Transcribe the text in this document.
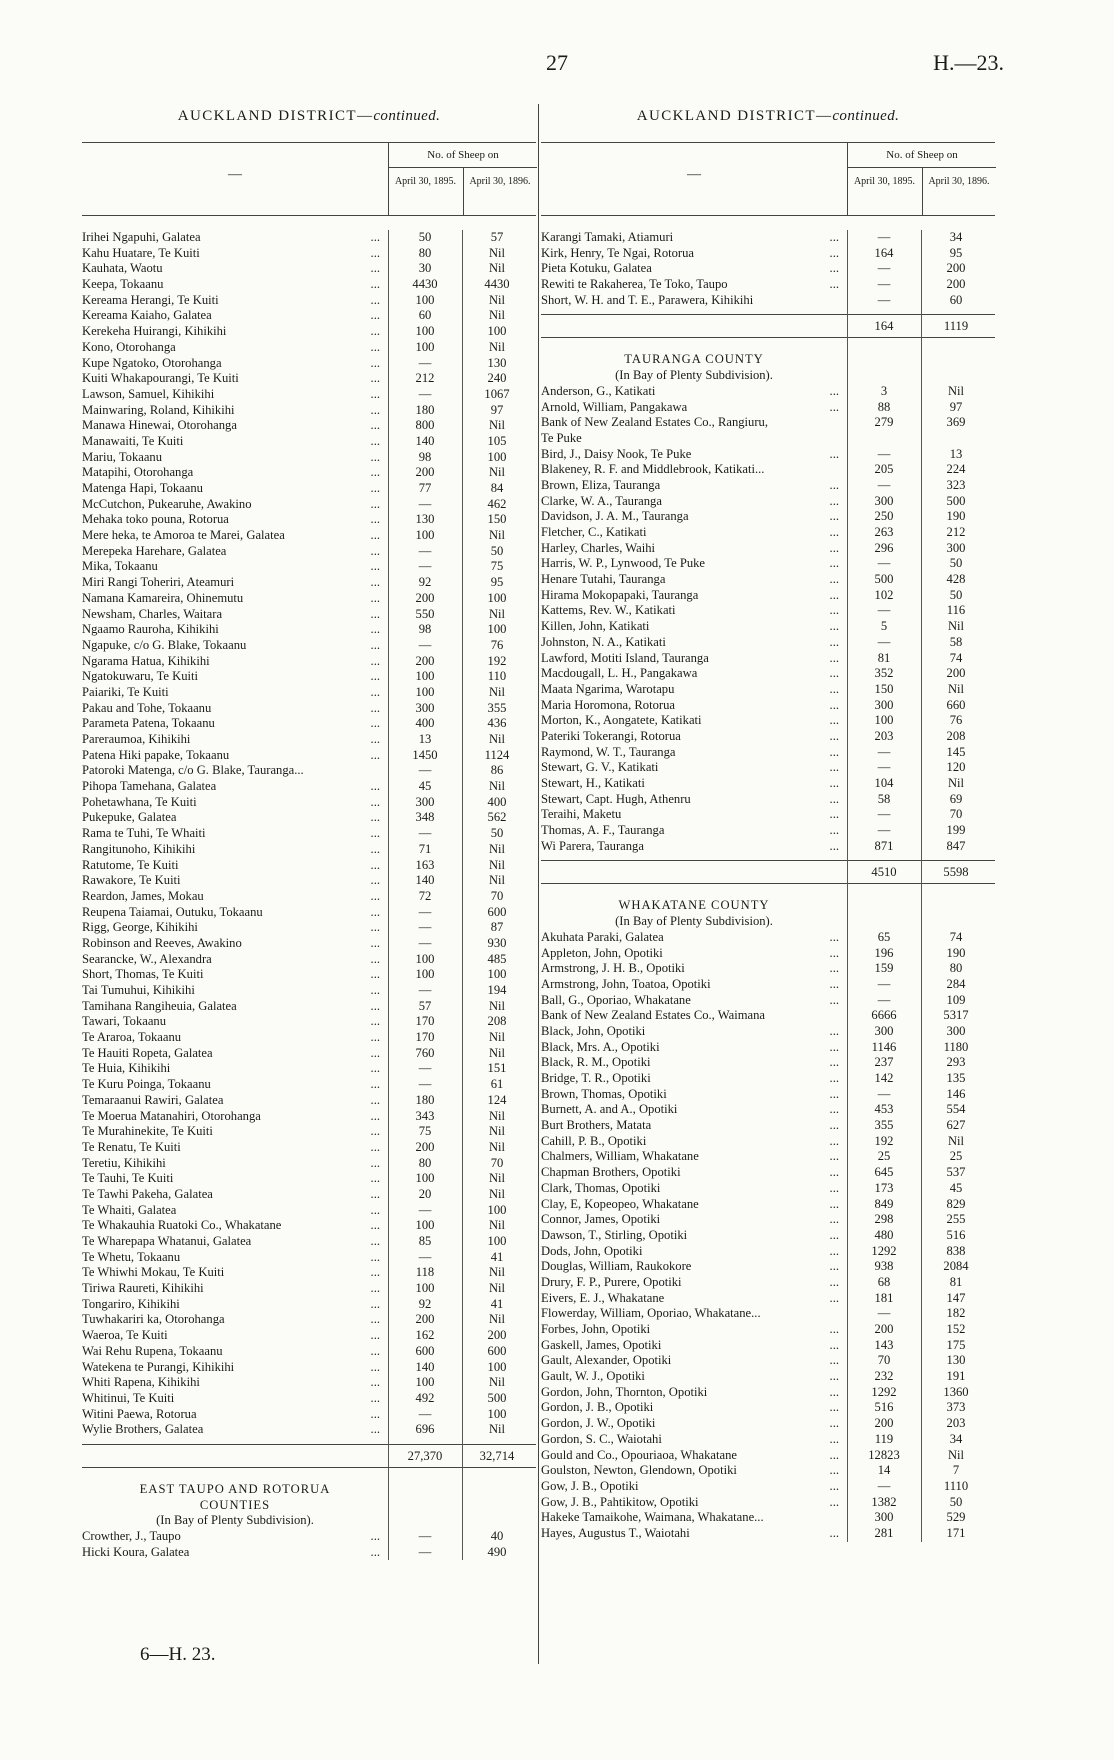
27	H.—23.
AUCKLAND DISTRICT—continued.
—
No. of Sheep on
April 30, 1895.	April 30, 1896.
Irihei Ngapuhi, Galatea ...	50	57
Kahu Huatare, Te Kuiti ...	80	Nil
Kauhata, Waotu ...	30	Nil
Keepa, Tokaanu ...	4430	4430
Kereama Herangi, Te Kuiti ...	100	Nil
Kereama Kaiaho, Galatea ...	60	Nil
Kerekeha Huirangi, Kihikihi ...	100	100
Kono, Otorohanga ...	100	Nil
Kupe Ngatoko, Otorohanga ...	—	130
Kuiti Whakapourangi, Te Kuiti ...	212	240
Lawson, Samuel, Kihikihi ...	—	1067
Mainwaring, Roland, Kihikihi ...	180	97
Manawa Hinewai, Otorohanga ...	800	Nil
Manawaiti, Te Kuiti ...	140	105
Mariu, Tokaanu ...	98	100
Matapihi, Otorohanga ...	200	Nil
Matenga Hapi, Tokaanu ...	77	84
McCutchon, Pukearuhe, Awakino ...	—	462
Mehaka toko pouna, Rotorua ...	130	150
Mere heka, te Amoroa te Marei, Galatea ...	100	Nil
Merepeka Harehare, Galatea ...	—	50
Mika, Tokaanu ...	—	75
Miri Rangi Toheriri, Ateamuri ...	92	95
Namana Kamareira, Ohinemutu ...	200	100
Newsham, Charles, Waitara ...	550	Nil
Ngaamo Rauroha, Kihikihi ...	98	100
Ngapuke, c/o G. Blake, Tokaanu ...	—	76
Ngarama Hatua, Kihikihi ...	200	192
Ngatokuwaru, Te Kuiti ...	100	110
Paiariki, Te Kuiti ...	100	Nil
Pakau and Tohe, Tokaanu ...	300	355
Parameta Patena, Tokaanu ...	400	436
Pareraumoa, Kihikihi ...	13	Nil
Patena Hiki papake, Tokaanu ...	1450	1124
Patoroki Matenga, c/o G. Blake, Tauranga...	—	86
Pihopa Tamehana, Galatea ...	45	Nil
Pohetawhana, Te Kuiti ...	300	400
Pukepuke, Galatea ...	348	562
Rama te Tuhi, Te Whaiti ...	—	50
Rangitunoho, Kihikihi ...	71	Nil
Ratutome, Te Kuiti ...	163	Nil
Rawakore, Te Kuiti ...	140	Nil
Reardon, James, Mokau ...	72	70
Reupena Taiamai, Outuku, Tokaanu ...	—	600
Rigg, George, Kihikihi ...	—	87
Robinson and Reeves, Awakino ...	—	930
Searancke, W., Alexandra ...	100	485
Short, Thomas, Te Kuiti ...	100	100
Tai Tumuhui, Kihikihi ...	—	194
Tamihana Rangiheuia, Galatea ...	57	Nil
Tawari, Tokaanu ...	170	208
Te Araroa, Tokaanu ...	170	Nil
Te Hauiti Ropeta, Galatea ...	760	Nil
Te Huia, Kihikihi ...	—	151
Te Kuru Poinga, Tokaanu ...	—	61
Temaraanui Rawiri, Galatea ...	180	124
Te Moerua Matanahiri, Otorohanga ...	343	Nil
Te Murahinekite, Te Kuiti ...	75	Nil
Te Renatu, Te Kuiti ...	200	Nil
Teretiu, Kihikihi ...	80	70
Te Tauhi, Te Kuiti ...	100	Nil
Te Tawhi Pakeha, Galatea ...	20	Nil
Te Whaiti, Galatea ...	—	100
Te Whakauhia Ruatoki Co., Whakatane ...	100	Nil
Te Wharepapa Whatanui, Galatea ...	85	100
Te Whetu, Tokaanu ...	—	41
Te Whiwhi Mokau, Te Kuiti ...	118	Nil
Tiriwa Raureti, Kihikihi ...	100	Nil
Tongariro, Kihikihi ...	92	41
Tuwhakariri ka, Otorohanga ...	200	Nil
Waeroa, Te Kuiti ...	162	200
Wai Rehu Rupena, Tokaanu ...	600	600
Watekena te Purangi, Kihikihi ...	140	100
Whiti Rapena, Kihikihi ...	100	Nil
Whitinui, Te Kuiti ...	492	500
Witini Paewa, Rotorua ...	—	100
Wylie Brothers, Galatea ...	696	Nil
27,370	32,714
EAST TAUPO AND ROTORUA
COUNTIES
(In Bay of Plenty Subdivision).
Crowther, J., Taupo ...	—	40
Hicki Koura, Galatea ...	—	490
AUCKLAND DISTRICT—continued.
—
No. of Sheep on
April 30, 1895.	April 30, 1896.
Karangi Tamaki, Atiamuri ...	—	34
Kirk, Henry, Te Ngai, Rotorua ...	164	95
Pieta Kotuku, Galatea ...	—	200
Rewiti te Rakaherea, Te Toko, Taupo ...	—	200
Short, W. H. and T. E., Parawera, Kihikihi	—	60
164	1119
TAURANGA COUNTY
(In Bay of Plenty Subdivision).
Anderson, G., Katikati ...	3	Nil
Arnold, William, Pangakawa ...	88	97
Bank of New Zealand Estates Co., Rangiuru,	279	369
Te Puke
Bird, J., Daisy Nook, Te Puke ...	—	13
Blakeney, R. F. and Middlebrook, Katikati...	205	224
Brown, Eliza, Tauranga ...	—	323
Clarke, W. A., Tauranga ...	300	500
Davidson, J. A. M., Tauranga ...	250	190
Fletcher, C., Katikati ...	263	212
Harley, Charles, Waihi ...	296	300
Harris, W. P., Lynwood, Te Puke ...	—	50
Henare Tutahi, Tauranga ...	500	428
Hirama Mokopapaki, Tauranga ...	102	50
Kattems, Rev. W., Katikati ...	—	116
Killen, John, Katikati ...	5	Nil
Johnston, N. A., Katikati ...	—	58
Lawford, Motiti Island, Tauranga ...	81	74
Macdougall, L. H., Pangakawa ...	352	200
Maata Ngarima, Warotapu ...	150	Nil
Maria Horomona, Rotorua ...	300	660
Morton, K., Aongatete, Katikati ...	100	76
Pateriki Tokerangi, Rotorua ...	203	208
Raymond, W. T., Tauranga ...	—	145
Stewart, G. V., Katikati ...	—	120
Stewart, H., Katikati ...	104	Nil
Stewart, Capt. Hugh, Athenru ...	58	69
Teraihi, Maketu ...	—	70
Thomas, A. F., Tauranga ...	—	199
Wi Parera, Tauranga ...	871	847
4510	5598
WHAKATANE COUNTY
(In Bay of Plenty Subdivision).
Akuhata Paraki, Galatea ...	65	74
Appleton, John, Opotiki ...	196	190
Armstrong, J. H. B., Opotiki ...	159	80
Armstrong, John, Toatoa, Opotiki ...	—	284
Ball, G., Oporiao, Whakatane ...	—	109
Bank of New Zealand Estates Co., Waimana	6666	5317
Black, John, Opotiki ...	300	300
Black, Mrs. A., Opotiki ...	1146	1180
Black, R. M., Opotiki ...	237	293
Bridge, T. R., Opotiki ...	142	135
Brown, Thomas, Opotiki ...	—	146
Burnett, A. and A., Opotiki ...	453	554
Burt Brothers, Matata ...	355	627
Cahill, P. B., Opotiki ...	192	Nil
Chalmers, William, Whakatane ...	25	25
Chapman Brothers, Opotiki ...	645	537
Clark, Thomas, Opotiki ...	173	45
Clay, E, Kopeopeo, Whakatane ...	849	829
Connor, James, Opotiki ...	298	255
Dawson, T., Stirling, Opotiki ...	480	516
Dods, John, Opotiki ...	1292	838
Douglas, William, Raukokore ...	938	2084
Drury, F. P., Purere, Opotiki ...	68	81
Eivers, E. J., Whakatane ...	181	147
Flowerday, William, Oporiao, Whakatane...	—	182
Forbes, John, Opotiki ...	200	152
Gaskell, James, Opotiki ...	143	175
Gault, Alexander, Opotiki ...	70	130
Gault, W. J., Opotiki ...	232	191
Gordon, John, Thornton, Opotiki ...	1292	1360
Gordon, J. B., Opotiki ...	516	373
Gordon, J. W., Opotiki ...	200	203
Gordon, S. C., Waiotahi ...	119	34
Gould and Co., Opouriaoa, Whakatane ...	12823	Nil
Goulston, Newton, Glendown, Opotiki ...	14	7
Gow, J. B., Opotiki ...	—	1110
Gow, J. B., Pahtikitow, Opotiki ...	1382	50
Hakeke Tamaikohe, Waimana, Whakatane...	300	529
Hayes, Augustus T., Waiotahi ...	281	171
6—H. 23.
